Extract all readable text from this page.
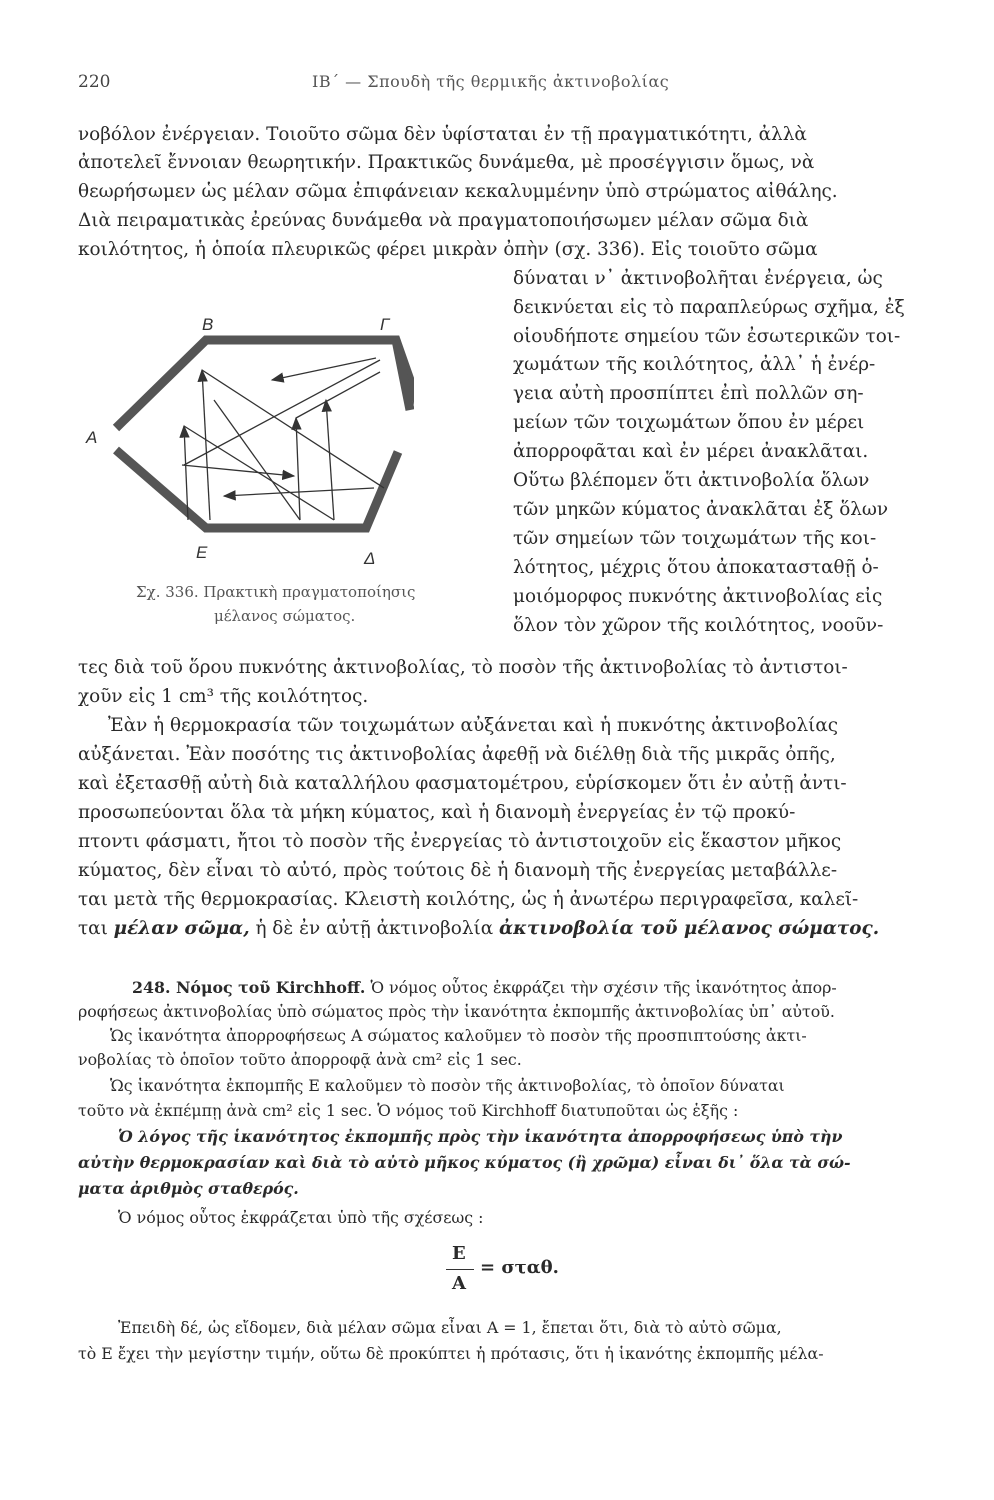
220	ΙΒ΄ — Σπουδὴ τῆς θερμικῆς ἀκτινοβολίας
νοβόλον ἐνέργειαν. Τοιοῦτο σῶμα δὲν ὑφίσταται ἐν τῇ πραγματικότητι, ἀλλὰ
ἀποτελεῖ ἔννοιαν θεωρητικήν. Πρακτικῶς δυνάμεθα, μὲ προσέγγισιν ὅμως, νὰ
θεωρήσωμεν ὡς μέλαν σῶμα ἐπιφάνειαν κεκαλυμμένην ὑπὸ στρώματος αἰθάλης.
Διὰ πειραματικὰς ἐρεύνας δυνάμεθα νὰ πραγματοποιήσωμεν μέλαν σῶμα διὰ
κοιλότητος, ἡ ὁποία πλευρικῶς φέρει μικρὰν ὀπὴν (σχ. 336). Εἰς τοιοῦτο σῶμα
δύναται ν᾽ ἀκτινοβολῆται ἐνέργεια, ὡς
δεικνύεται εἰς τὸ παραπλεύρως σχῆμα, ἐξ
οἱουδήποτε σημείου τῶν ἐσωτερικῶν τοι-
χωμάτων τῆς κοιλότητος, ἀλλ᾽ ἡ ἐνέρ-
γεια αὐτὴ προσπίπτει ἐπὶ πολλῶν ση-
μείων τῶν τοιχωμάτων ὅπου ἐν μέρει
ἀπορροφᾶται καὶ ἐν μέρει ἀνακλᾶται.
Οὕτω βλέπομεν ὅτι ἀκτινοβολία ὅλων
τῶν μηκῶν κύματος ἀνακλᾶται ἐξ ὅλων
τῶν σημείων τῶν τοιχωμάτων τῆς κοι-
λότητος, μέχρις ὅτου ἀποκατασταθῇ ὁ-
μοιόμορφος πυκνότης ἀκτινοβολίας εἰς
ὅλον τὸν χῶρον τῆς κοιλότητος, νοοῦν-
B	Γ
A
E	Δ
Σχ. 336. Πρακτικὴ πραγματοποίησις
μέλανος σώματος.
τες διὰ τοῦ ὅρου πυκνότης ἀκτινοβολίας, τὸ ποσὸν τῆς ἀκτινοβολίας τὸ ἀντιστοι-
χοῦν εἰς 1 cm³ τῆς κοιλότητος.
Ἐὰν ἡ θερμοκρασία τῶν τοιχωμάτων αὐξάνεται καὶ ἡ πυκνότης ἀκτινοβολίας
αὐξάνεται. Ἐὰν ποσότης τις ἀκτινοβολίας ἀφεθῇ νὰ διέλθῃ διὰ τῆς μικρᾶς ὀπῆς,
καὶ ἐξετασθῇ αὐτὴ διὰ καταλλήλου φασματομέτρου, εὑρίσκομεν ὅτι ἐν αὐτῇ ἀντι-
προσωπεύονται ὅλα τὰ μήκη κύματος, καὶ ἡ διανομὴ ἐνεργείας ἐν τῷ προκύ-
πτοντι φάσματι, ἤτοι τὸ ποσὸν τῆς ἐνεργείας τὸ ἀντιστοιχοῦν εἰς ἕκαστον μῆκος
κύματος, δὲν εἶναι τὸ αὐτό, πρὸς τούτοις δὲ ἡ διανομὴ τῆς ἐνεργείας μεταβάλλε-
ται μετὰ τῆς θερμοκρασίας. Κλειστὴ κοιλότης, ὡς ἡ ἀνωτέρω περιγραφεῖσα, καλεῖ-
ται μέλαν σῶμα, ἡ δὲ ἐν αὐτῇ ἀκτινοβολία ἀκτινοβολία τοῦ μέλανος σώματος.
248. Νόμος τοῦ Kirchhoff. Ὁ νόμος οὗτος ἐκφράζει τὴν σχέσιν τῆς ἱκανότητος ἀπορ-
ροφήσεως ἀκτινοβολίας ὑπὸ σώματος πρὸς τὴν ἱκανότητα ἐκπομπῆς ἀκτινοβολίας ὑπ᾽ αὐτοῦ.
Ὡς ἱκανότητα ἀπορροφήσεως Α σώματος καλοῦμεν τὸ ποσὸν τῆς προσπιπτούσης ἀκτι-
νοβολίας τὸ ὁποῖον τοῦτο ἀπορροφᾷ ἀνὰ cm² εἰς 1 sec.
Ὡς ἱκανότητα ἐκπομπῆς Ε καλοῦμεν τὸ ποσὸν τῆς ἀκτινοβολίας, τὸ ὁποῖον δύναται
τοῦτο νὰ ἐκπέμπῃ ἀνὰ cm² εἰς 1 sec. Ὁ νόμος τοῦ Kirchhoff διατυποῦται ὡς ἑξῆς :
Ὁ λόγος τῆς ἱκανότητος ἐκπομπῆς πρὸς τὴν ἱκανότητα ἀπορροφήσεως ὑπὸ τὴν
αὐτὴν θερμοκρασίαν καὶ διὰ τὸ αὐτὸ μῆκος κύματος (ἢ χρῶμα) εἶναι δι᾽ ὅλα τὰ σώ-
ματα ἀριθμὸς σταθερός.
Ὁ νόμος οὗτος ἐκφράζεται ὑπὸ τῆς σχέσεως :
E
A
= σταθ.
Ἐπειδὴ δέ, ὡς εἴδομεν, διὰ μέλαν σῶμα εἶναι A = 1, ἔπεται ὅτι, διὰ τὸ αὐτὸ σῶμα,
τὸ E ἔχει τὴν μεγίστην τιμήν, οὕτω δὲ προκύπτει ἡ πρότασις, ὅτι ἡ ἱκανότης ἐκπομπῆς μέλα-
